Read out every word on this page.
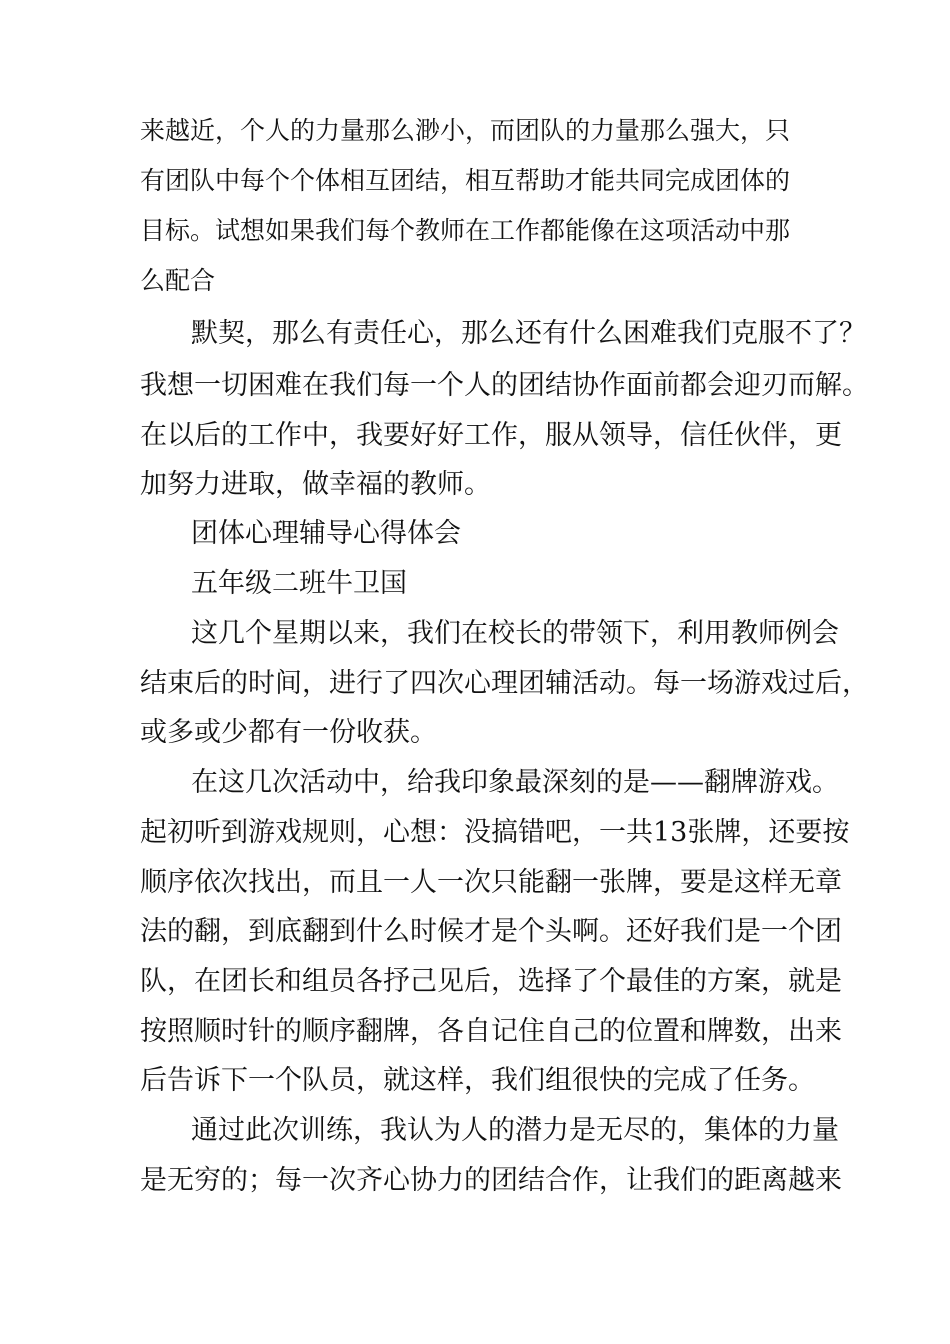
来越近，个人的力量那么渺小，而团队的力量那么强大，只
有团队中每个个体相互团结，相互帮助才能共同完成团体的
目标。试想如果我们每个教师在工作都能像在这项活动中那
么配合
默契，那么有责任心，那么还有什么困难我们克服不了？
我想一切困难在我们每一个人的团结协作面前都会迎刃而解。
在以后的工作中，我要好好工作，服从领导，信任伙伴，更
加努力进取，做幸福的教师。
团体心理辅导心得体会
五年级二班牛卫国
这几个星期以来，我们在校长的带领下，利用教师例会
结束后的时间，进行了四次心理团辅活动。每一场游戏过后，
或多或少都有一份收获。
在这几次活动中，给我印象最深刻的是——翻牌游戏。
起初听到游戏规则，心想：没搞错吧，一共13张牌，还要按
顺序依次找出，而且一人一次只能翻一张牌，要是这样无章
法的翻，到底翻到什么时候才是个头啊。还好我们是一个团
队，在团长和组员各抒己见后，选择了个最佳的方案，就是
按照顺时针的顺序翻牌，各自记住自己的位置和牌数，出来
后告诉下一个队员，就这样，我们组很快的完成了任务。
通过此次训练，我认为人的潜力是无尽的，集体的力量
是无穷的；每一次齐心协力的团结合作，让我们的距离越来
